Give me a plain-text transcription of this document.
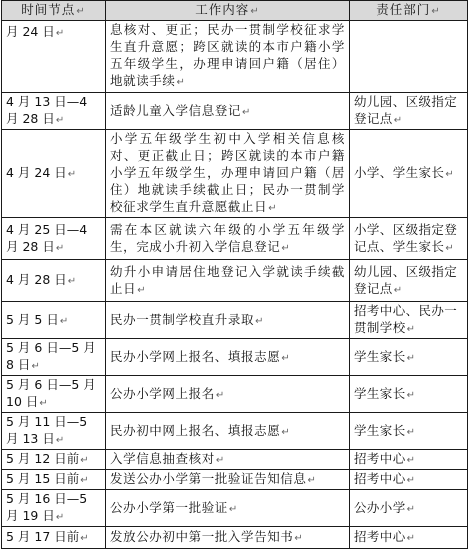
时间节点↵	工作内容↵	责任部门↵
月 24 日↵	息核对、更正；民办一贯制学校征求学生直升意愿；跨区就读的本市户籍小学五年级学生，办理申请回户籍（居住）地就读手续↵	
4 月 13 日—4 月 28 日↵	适龄儿童入学信息登记↵	幼儿园、区级指定登记点↵
4 月 24 日↵	小学五年级学生初中入学相关信息核对、更正截止日；跨区就读的本市户籍小学五年级学生，办理申请回户籍（居住）地就读手续截止日；民办一贯制学校征求学生直升意愿截止日↵	小学、学生家长↵
4 月 25 日—4 月 28 日↵	需在本区就读六年级的小学五年级学生，完成小升初入学信息登记↵	小学、区级指定登记点、学生家长↵
4 月 28 日↵	幼升小申请居住地登记入学就读手续截止日↵	幼儿园、区级指定登记点↵
5 月 5 日↵	民办一贯制学校直升录取↵	招考中心、民办一贯制学校↵
5 月 6 日—5 月 8 日↵	民办小学网上报名、填报志愿↵	学生家长↵
5 月 6 日—5 月 10 日↵	公办小学网上报名↵	学生家长↵
5 月 11 日—5 月 13 日↵	民办初中网上报名、填报志愿↵	学生家长↵
5 月 12 日前↵	入学信息抽查核对↵	招考中心↵
5 月 15 日前↵	发送公办小学第一批验证告知信息↵	招考中心↵
5 月 16 日—5 月 19 日↵	公办小学第一批验证↵	公办小学↵
5 月 17 日前↵	发放公办初中第一批入学告知书↵	招考中心↵
